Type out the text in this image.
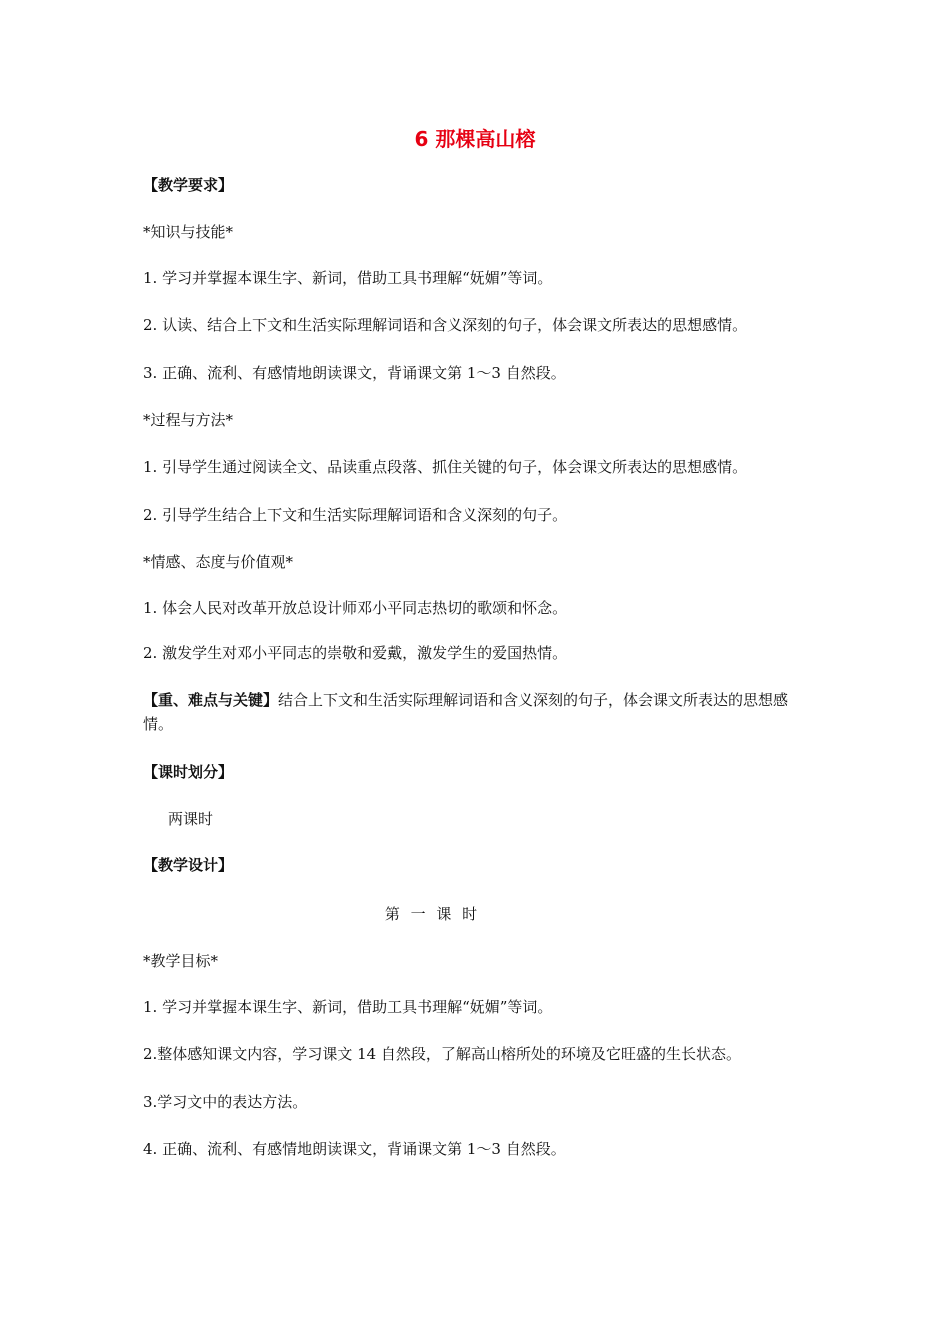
6 那棵高山榕
【教学要求】
*知识与技能*
1. 学习并掌握本课生字、新词，借助工具书理解“妩媚”等词。
2. 认读、结合上下文和生活实际理解词语和含义深刻的句子，体会课文所表达的思想感情。
3. 正确、流利、有感情地朗读课文，背诵课文第 1～3 自然段。
*过程与方法*
1. 引导学生通过阅读全文、品读重点段落、抓住关键的句子，体会课文所表达的思想感情。
2. 引导学生结合上下文和生活实际理解词语和含义深刻的句子。
*情感、态度与价值观*
1. 体会人民对改革开放总设计师邓小平同志热切的歌颂和怀念。
2. 激发学生对邓小平同志的崇敬和爱戴，激发学生的爱国热情。
【重、难点与关键】结合上下文和生活实际理解词语和含义深刻的句子，体会课文所表达的思想感情。
【课时划分】
两课时
【教学设计】
第 一 课 时
*教学目标*
1. 学习并掌握本课生字、新词，借助工具书理解“妩媚”等词。
2.整体感知课文内容，学习课文 14 自然段，了解高山榕所处的环境及它旺盛的生长状态。
3.学习文中的表达方法。
4. 正确、流利、有感情地朗读课文，背诵课文第 1～3 自然段。
